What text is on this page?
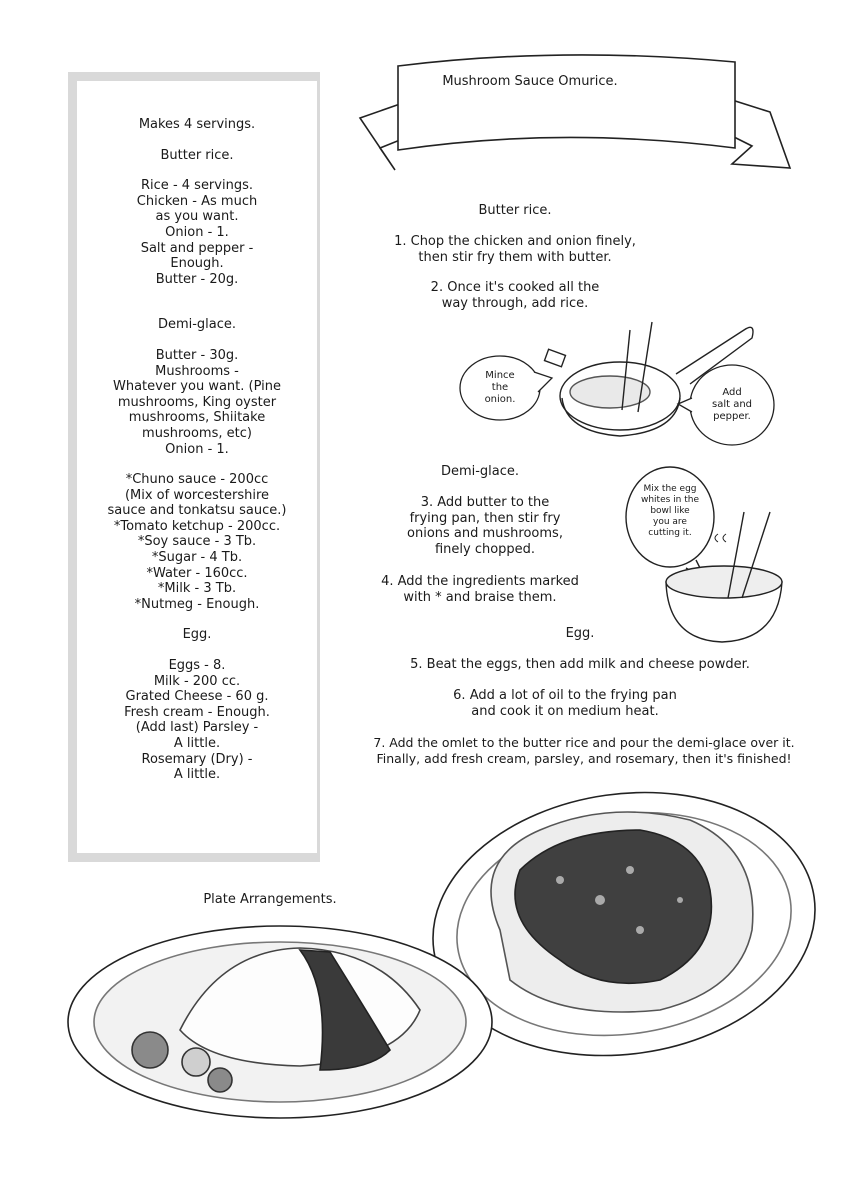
Makes 4 servings.
Butter rice.
Rice - 4 servings.
Chicken - As much
as you want.
Onion - 1.
Salt and pepper -
Enough.
Butter - 20g.
Demi-glace.
Butter - 30g.
Mushrooms -
Whatever you want. (Pine
mushrooms, King oyster
mushrooms, Shiitake
mushrooms, etc)
Onion - 1.
*Chuno sauce - 200cc
(Mix of worcestershire
sauce and tonkatsu sauce.)
*Tomato ketchup - 200cc.
*Soy sauce - 3 Tb.
*Sugar - 4 Tb.
*Water - 160cc.
*Milk - 3 Tb.
*Nutmeg - Enough.
Egg.
Eggs - 8.
Milk - 200 cc.
Grated Cheese - 60 g.
Fresh cream - Enough.
(Add last) Parsley -
A little.
Rosemary (Dry) -
A little.
Mushroom Sauce Omurice.
Butter rice.
1. Chop the chicken and onion finely,
then stir fry them with butter.
2. Once it's cooked all the
way through, add rice.
Mince
the
onion.
Add
salt and
pepper.
Demi-glace.
3. Add butter to the
frying pan, then stir fry
onions and mushrooms,
finely chopped.
4. Add the ingredients marked
with * and braise them.
Mix the egg
whites in the
bowl like
you are
cutting it.
Egg.
5. Beat the eggs, then add milk and cheese powder.
6. Add a lot of oil to the frying pan
and cook it on medium heat.
7. Add the omlet to the butter rice and pour the demi-glace over it.
Finally, add fresh cream, parsley, and rosemary, then it's finished!
Plate Arrangements.
